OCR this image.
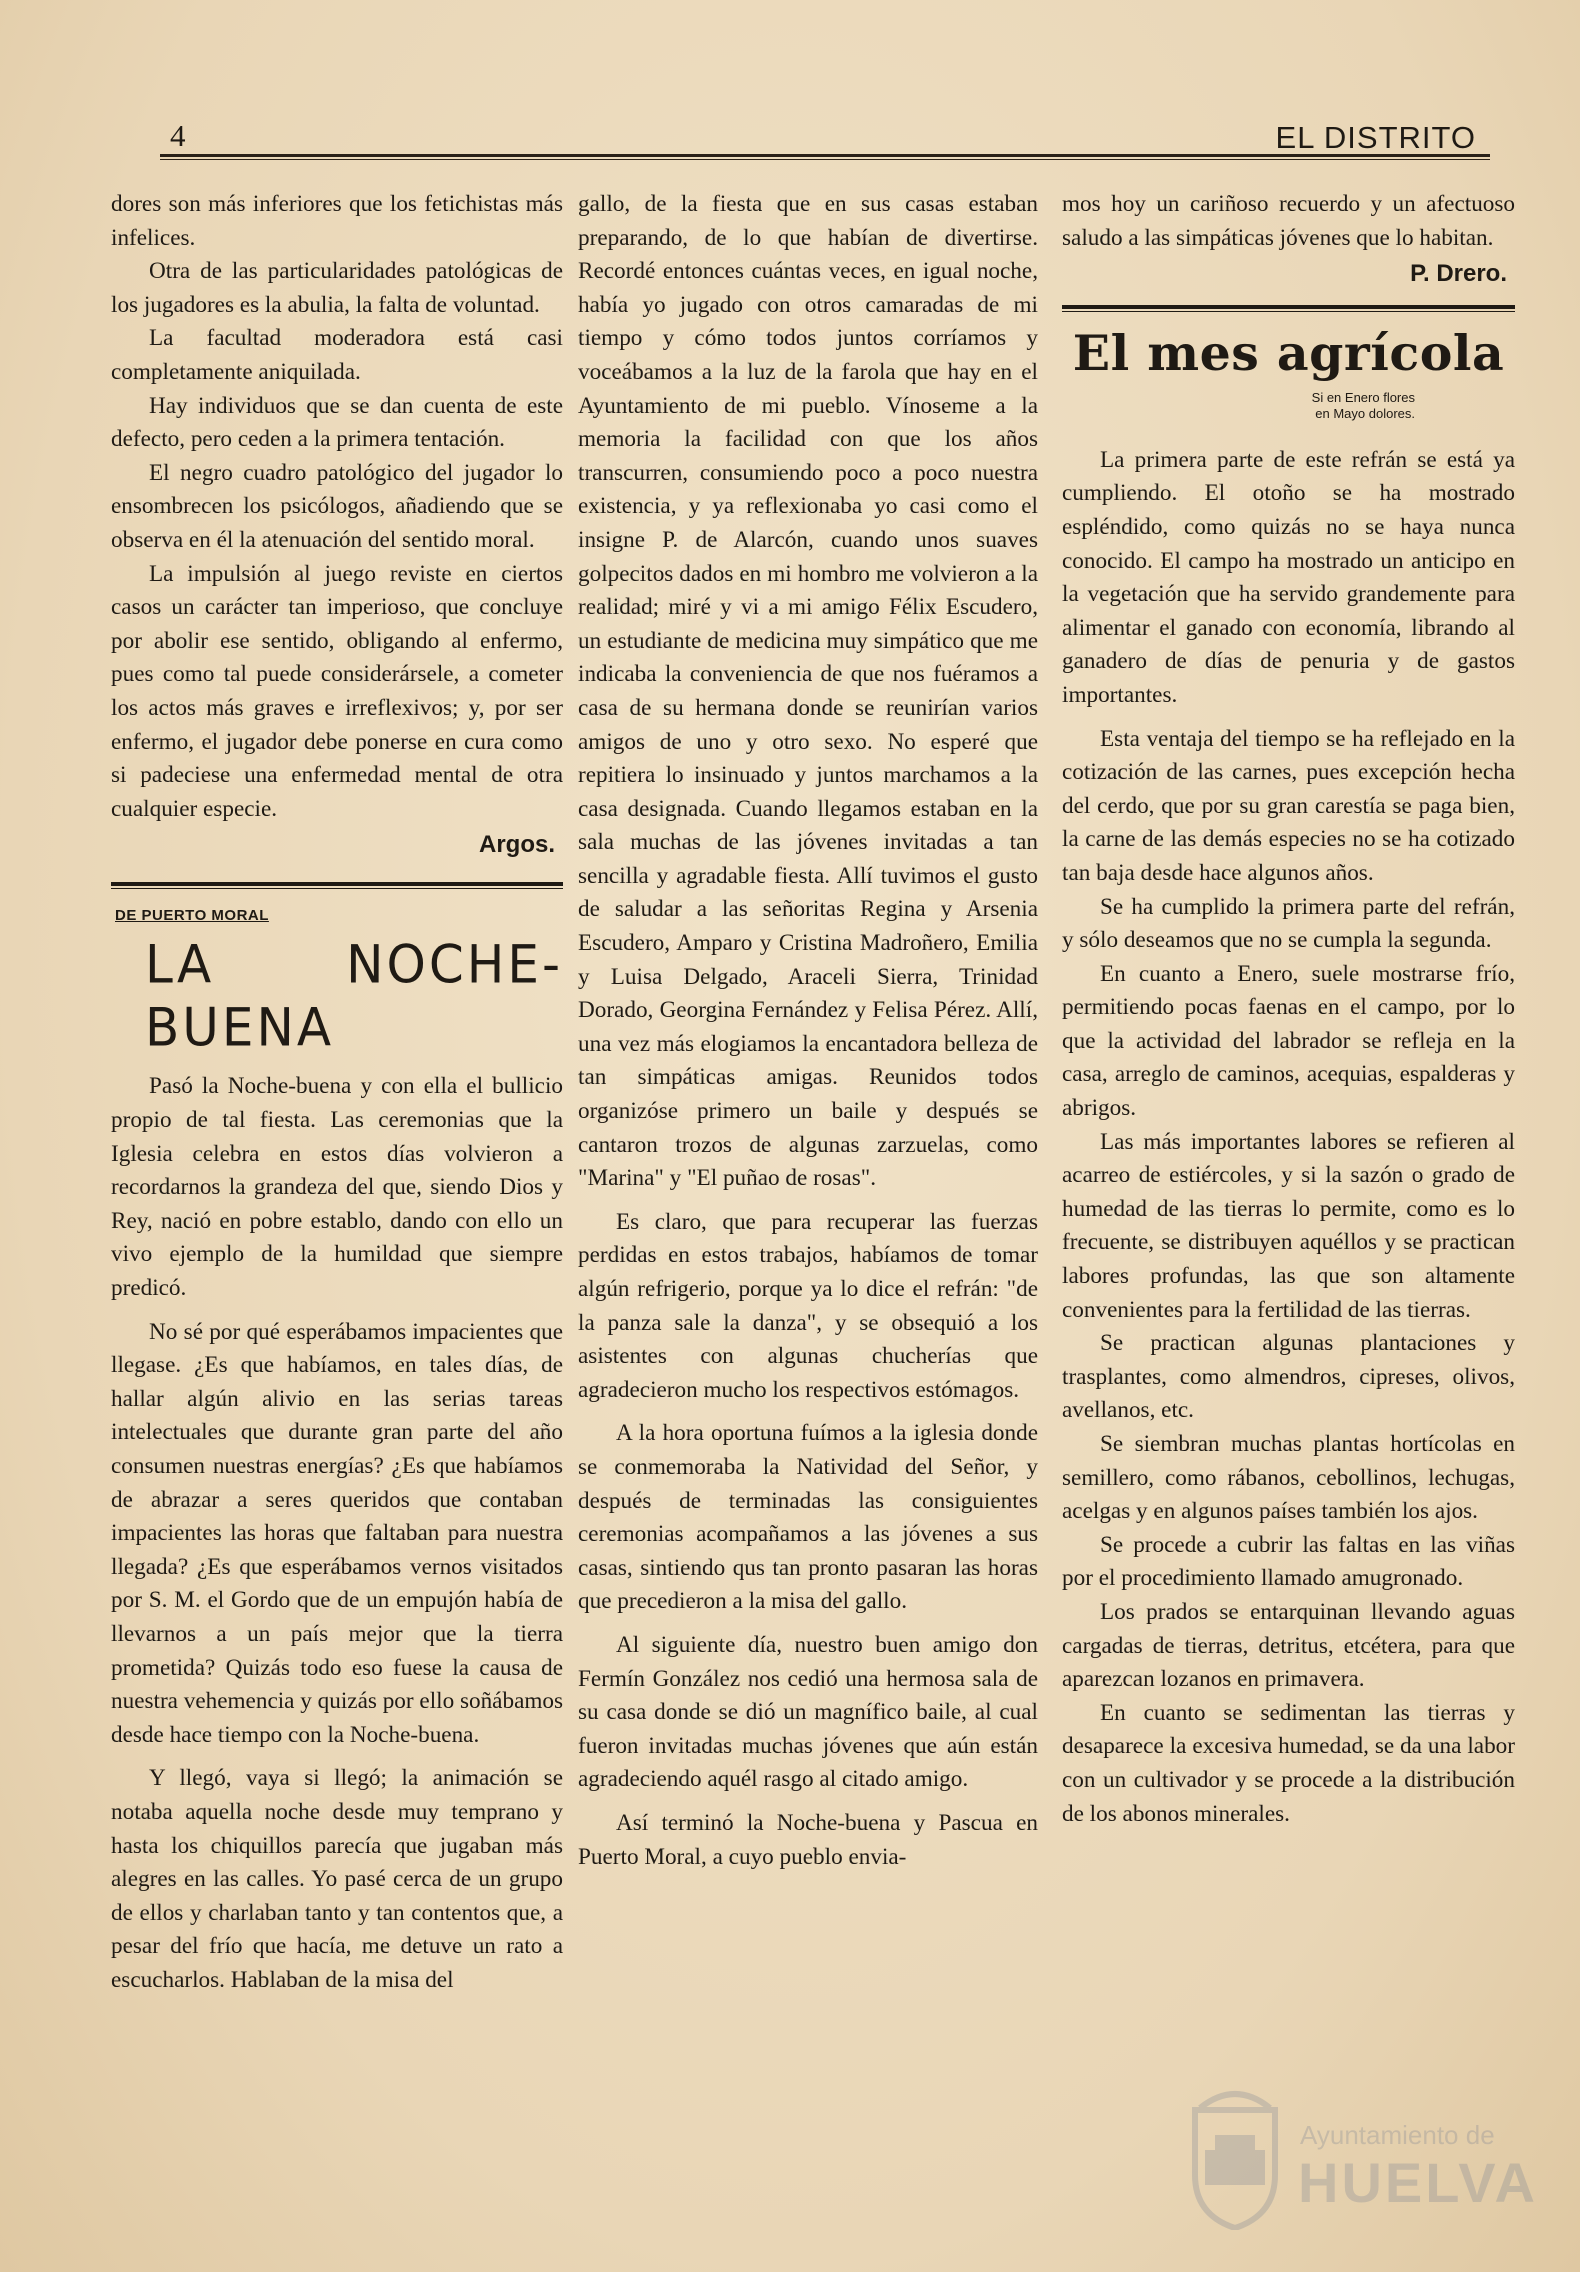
4	EL DISTRITO

dores son más inferiores que los fetichistas más infelices.

Otra de las particularidades patológicas de los jugadores es la abulia, la falta de voluntad.

La facultad moderadora está casi completamente aniquilada.

Hay individuos que se dan cuenta de este defecto, pero ceden a la primera tentación.

El negro cuadro patológico del jugador lo ensombrecen los psicólogos, añadiendo que se observa en él la atenuación del sentido moral.

La impulsión al juego reviste en ciertos casos un carácter tan imperioso, que concluye por abolir ese sentido, obligando al enfermo, pues como tal puede considerársele, a cometer los actos más graves e irreflexivos; y, por ser enfermo, el jugador debe ponerse en cura como si padeciese una enfermedad mental de otra cualquier especie.

Argos.

DE PUERTO MORAL

LA NOCHE-BUENA

Pasó la Noche-buena y con ella el bullicio propio de tal fiesta. Las ceremonias que la Iglesia celebra en estos días volvieron a recordarnos la grandeza del que, siendo Dios y Rey, nació en pobre establo, dando con ello un vivo ejemplo de la humildad que siempre predicó.

No sé por qué esperábamos impacientes que llegase. ¿Es que habíamos, en tales días, de hallar algún alivio en las serias tareas intelectuales que durante gran parte del año consumen nuestras energías? ¿Es que habíamos de abrazar a seres queridos que contaban impacientes las horas que faltaban para nuestra llegada? ¿Es que esperábamos vernos visitados por S. M. el Gordo que de un empujón había de llevarnos a un país mejor que la tierra prometida? Quizás todo eso fuese la causa de nuestra vehemencia y quizás por ello soñábamos desde hace tiempo con la Noche-buena.

Y llegó, vaya si llegó; la animación se notaba aquella noche desde muy temprano y hasta los chiquillos parecía que jugaban más alegres en las calles. Yo pasé cerca de un grupo de ellos y charlaban tanto y tan contentos que, a pesar del frío que hacía, me detuve un rato a escucharlos. Hablaban de la misa del

gallo, de la fiesta que en sus casas estaban preparando, de lo que habían de divertirse. Recordé entonces cuántas veces, en igual noche, había yo jugado con otros camaradas de mi tiempo y cómo todos juntos corríamos y voceábamos a la luz de la farola que hay en el Ayuntamiento de mi pueblo. Vínoseme a la memoria la facilidad con que los años transcurren, consumiendo poco a poco nuestra existencia, y ya reflexionaba yo casi como el insigne P. de Alarcón, cuando unos suaves golpecitos dados en mi hombro me volvieron a la realidad; miré y vi a mi amigo Félix Escudero, un estudiante de medicina muy simpático que me indicaba la conveniencia de que nos fuéramos a casa de su hermana donde se reunirían varios amigos de uno y otro sexo. No esperé que repitiera lo insinuado y juntos marchamos a la casa designada. Cuando llegamos estaban en la sala muchas de las jóvenes invitadas a tan sencilla y agradable fiesta. Allí tuvimos el gusto de saludar a las señoritas Regina y Arsenia Escudero, Amparo y Cristina Madroñero, Emilia y Luisa Delgado, Araceli Sierra, Trinidad Dorado, Georgina Fernández y Felisa Pérez. Allí, una vez más elogiamos la encantadora belleza de tan simpáticas amigas. Reunidos todos organizóse primero un baile y después se cantaron trozos de algunas zarzuelas, como "Marina" y "El puñao de rosas".

Es claro, que para recuperar las fuerzas perdidas en estos trabajos, habíamos de tomar algún refrigerio, porque ya lo dice el refrán: "de la panza sale la danza", y se obsequió a los asistentes con algunas chucherías que agradecieron mucho los respectivos estómagos.

A la hora oportuna fuímos a la iglesia donde se conmemoraba la Natividad del Señor, y después de terminadas las consiguientes ceremonias acompañamos a las jóvenes a sus casas, sintiendo qus tan pronto pasaran las horas que precedieron a la misa del gallo.

Al siguiente día, nuestro buen amigo don Fermín González nos cedió una hermosa sala de su casa donde se dió un magnífico baile, al cual fueron invitadas muchas jóvenes que aún están agradeciendo aquél rasgo al citado amigo.

Así terminó la Noche-buena y Pascua en Puerto Moral, a cuyo pueblo envia-

mos hoy un cariñoso recuerdo y un afectuoso saludo a las simpáticas jóvenes que lo habitan.

P. Drero.

El mes agrícola

Si en Enero flores
en Mayo dolores.

La primera parte de este refrán se está ya cumpliendo. El otoño se ha mostrado espléndido, como quizás no se haya nunca conocido. El campo ha mostrado un anticipo en la vegetación que ha servido grandemente para alimentar el ganado con economía, librando al ganadero de días de penuria y de gastos importantes.

Esta ventaja del tiempo se ha reflejado en la cotización de las carnes, pues excepción hecha del cerdo, que por su gran carestía se paga bien, la carne de las demás especies no se ha cotizado tan baja desde hace algunos años.

Se ha cumplido la primera parte del refrán, y sólo deseamos que no se cumpla la segunda.

En cuanto a Enero, suele mostrarse frío, permitiendo pocas faenas en el campo, por lo que la actividad del labrador se refleja en la casa, arreglo de caminos, acequias, espalderas y abrigos.

Las más importantes labores se refieren al acarreo de estiércoles, y si la sazón o grado de humedad de las tierras lo permite, como es lo frecuente, se distribuyen aquéllos y se practican labores profundas, las que son altamente convenientes para la fertilidad de las tierras.

Se practican algunas plantaciones y trasplantes, como almendros, cipreses, olivos, avellanos, etc.

Se siembran muchas plantas hortícolas en semillero, como rábanos, cebollinos, lechugas, acelgas y en algunos países también los ajos.

Se procede a cubrir las faltas en las viñas por el procedimiento llamado amugronado.

Los prados se entarquinan llevando aguas cargadas de tierras, detritus, etcétera, para que aparezcan lozanos en primavera.

En cuanto se sedimentan las tierras y desaparece la excesiva humedad, se da una labor con un cultivador y se procede a la distribución de los abonos minerales.

Ayuntamiento de
HUELVA
